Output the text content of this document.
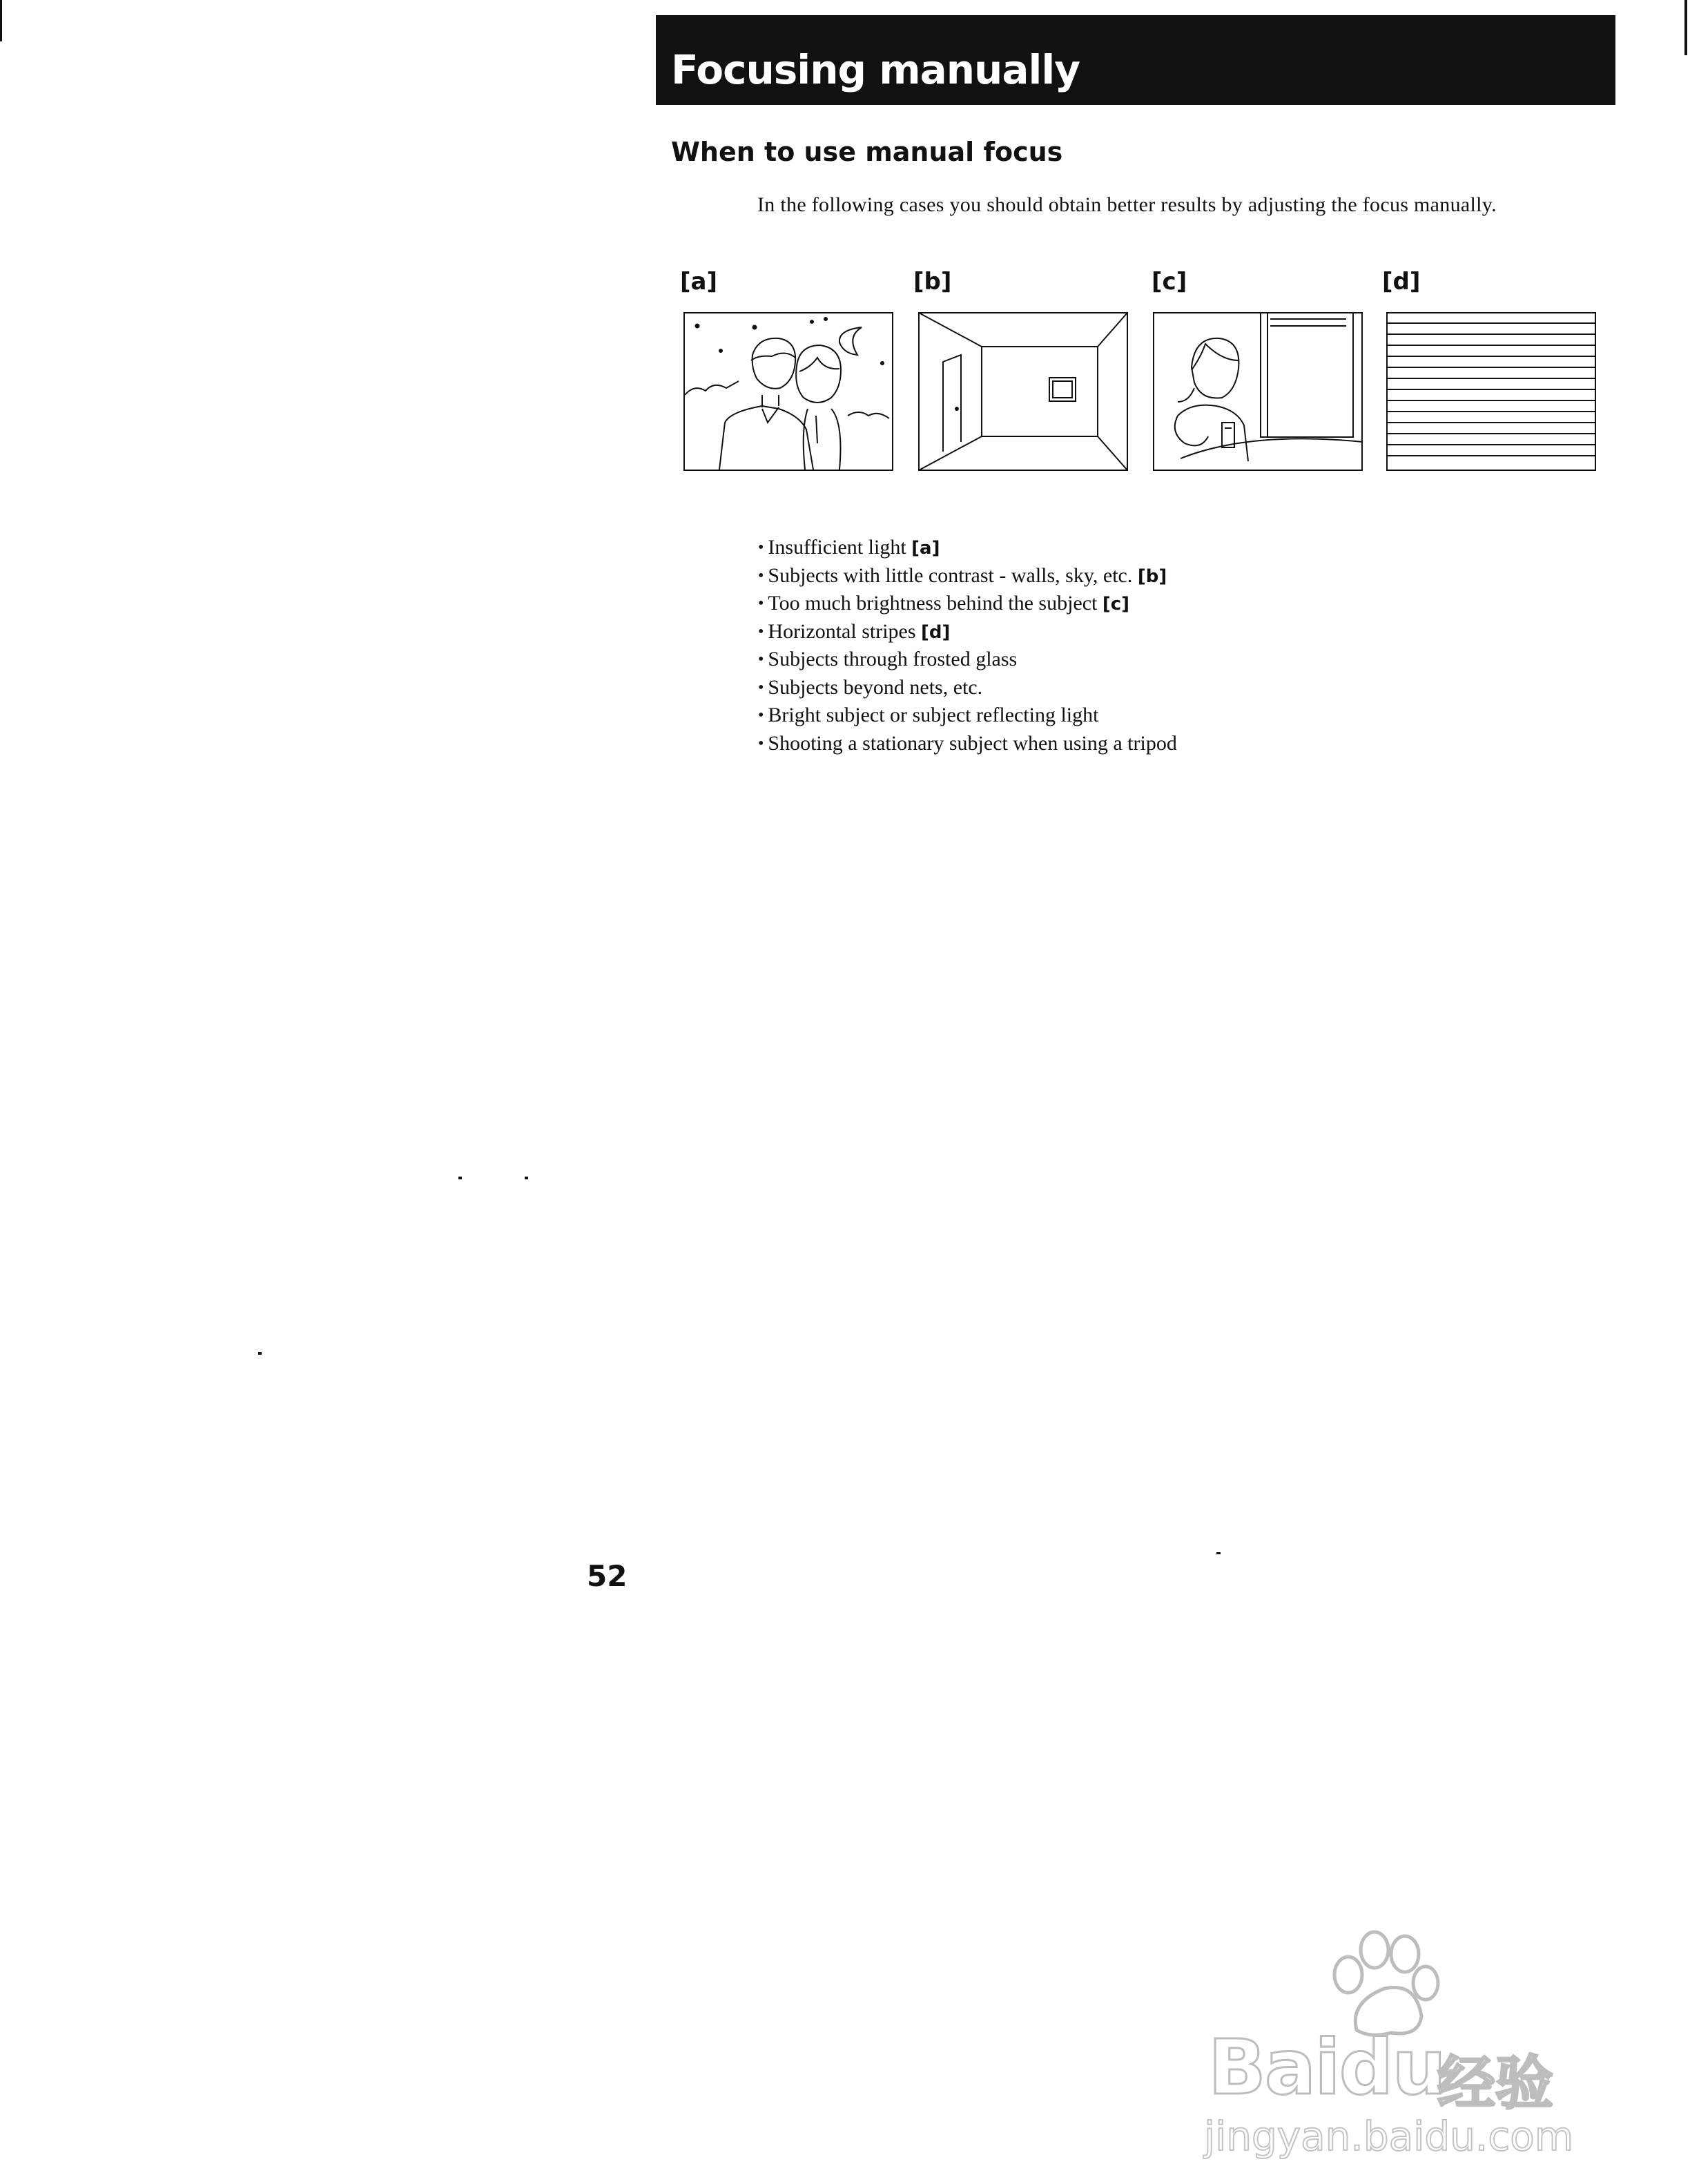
Focusing manually
When to use manual focus

In the following cases you should obtain better results by adjusting the focus manually.

[a]	[b]	[c]	[d]
• Insufficient light [a]
• Subjects with little contrast - walls, sky, etc. [b]
• Too much brightness behind the subject [c]
• Horizontal stripes [d]
• Subjects through frosted glass
• Subjects beyond nets, etc.
• Bright subject or subject reflecting light
• Shooting a stationary subject when using a tripod

52

Baidu
经验
jingyan.baidu.com
